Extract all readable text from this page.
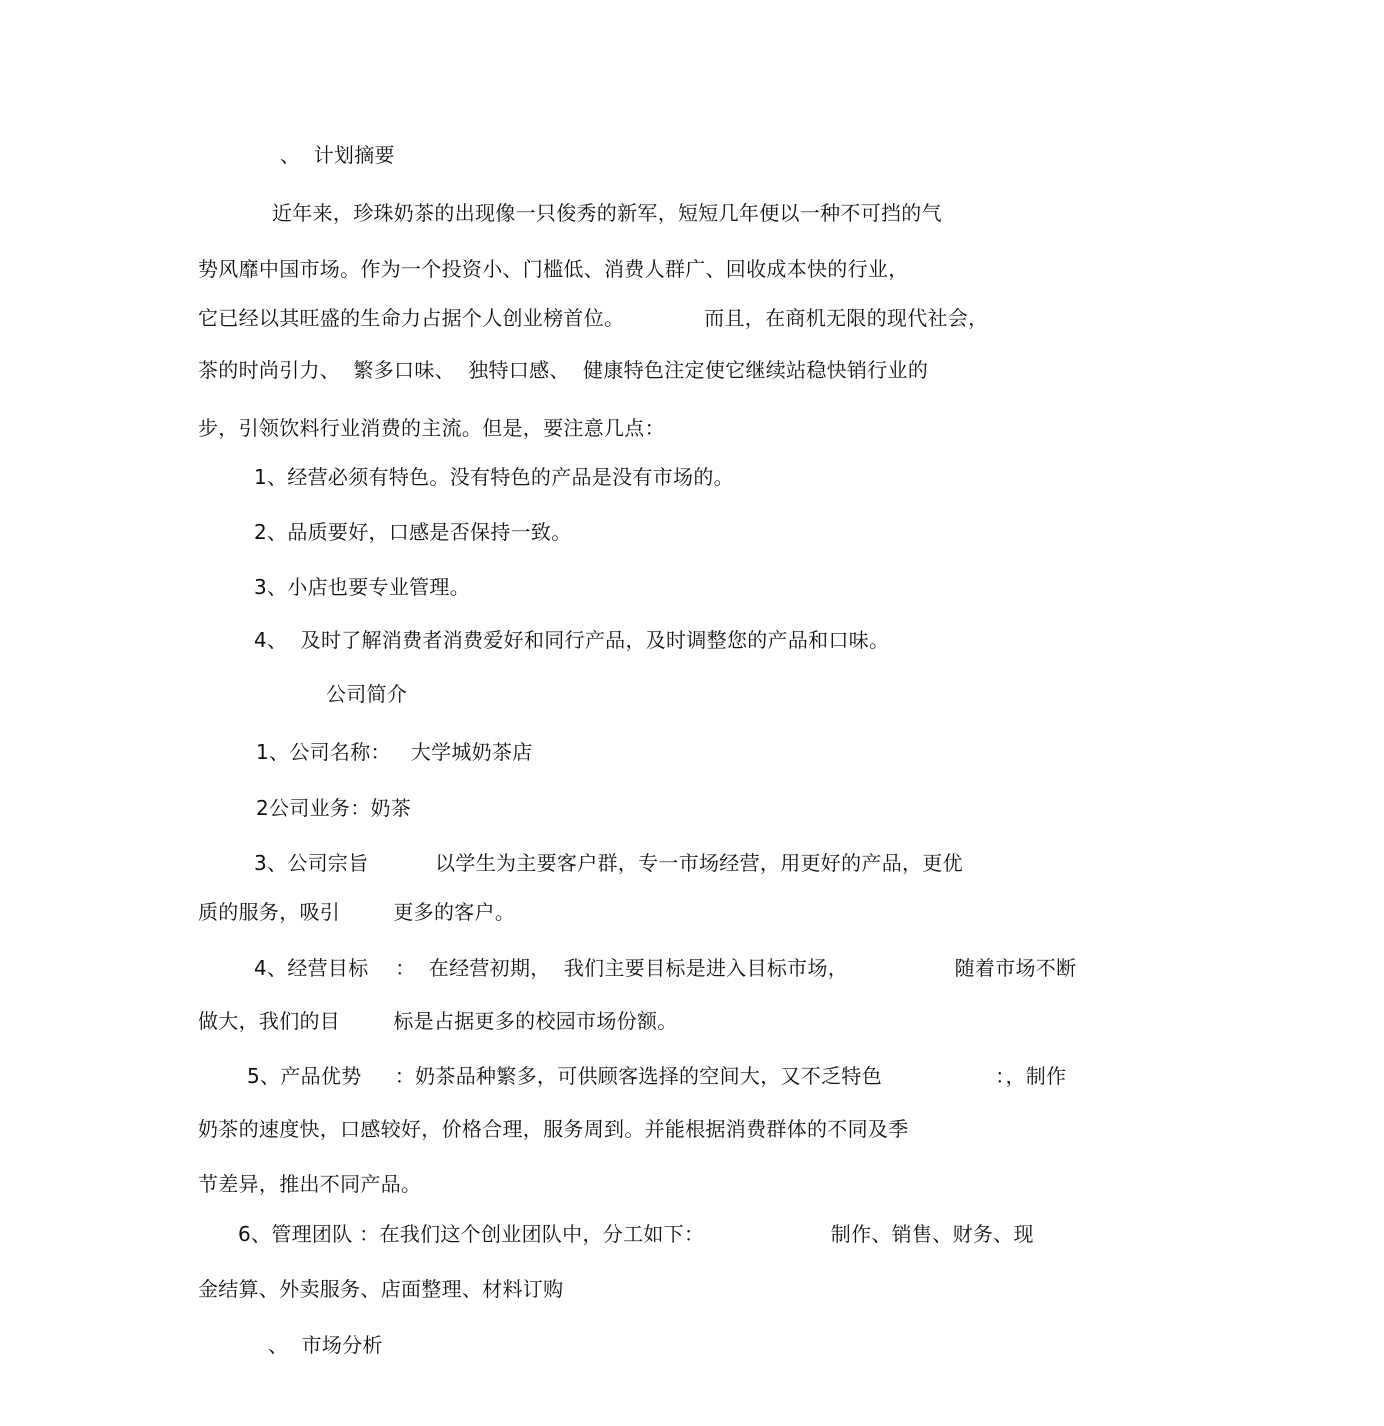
、  计划摘要
近年来，珍珠奶茶的出现像一只俊秀的新军，短短几年便以一种不可挡的气
势风靡中国市场。作为一个投资小、门槛低、消费人群广、回收成本快的行业，
它已经以其旺盛的生命力占据个人创业榜首位。            而且，在商机无限的现代社会，
茶的时尚引力、  繁多口味、  独特口感、  健康特色注定使它继续站稳快销行业的
步，引领饮料行业消费的主流。但是，要注意几点：
1、经营必须有特色。没有特色的产品是没有市场的。
2、品质要好，口感是否保持一致。
3、小店也要专业管理。
4、  及时了解消费者消费爱好和同行产品，及时调整您的产品和口味。
公司简介
1、公司名称：   大学城奶茶店
2公司业务：奶茶
3、公司宗旨          以学生为主要客户群，专一市场经营，用更好的产品，更优
质的服务，吸引        更多的客户。
4、经营目标    ：  在经营初期，  我们主要目标是进入目标市场，                随着市场不断
做大，我们的目        标是占据更多的校园市场份额。
5、产品优势     ：奶茶品种繁多，可供顾客选择的空间大，又不乏特色                 ：，制作
奶茶的速度快，口感较好，价格合理，服务周到。并能根据消费群体的不同及季
节差异，推出不同产品。
6、管理团队 ：在我们这个创业团队中，分工如下：                   制作、销售、财务、现
金结算、外卖服务、店面整理、材料订购
、  市场分析
